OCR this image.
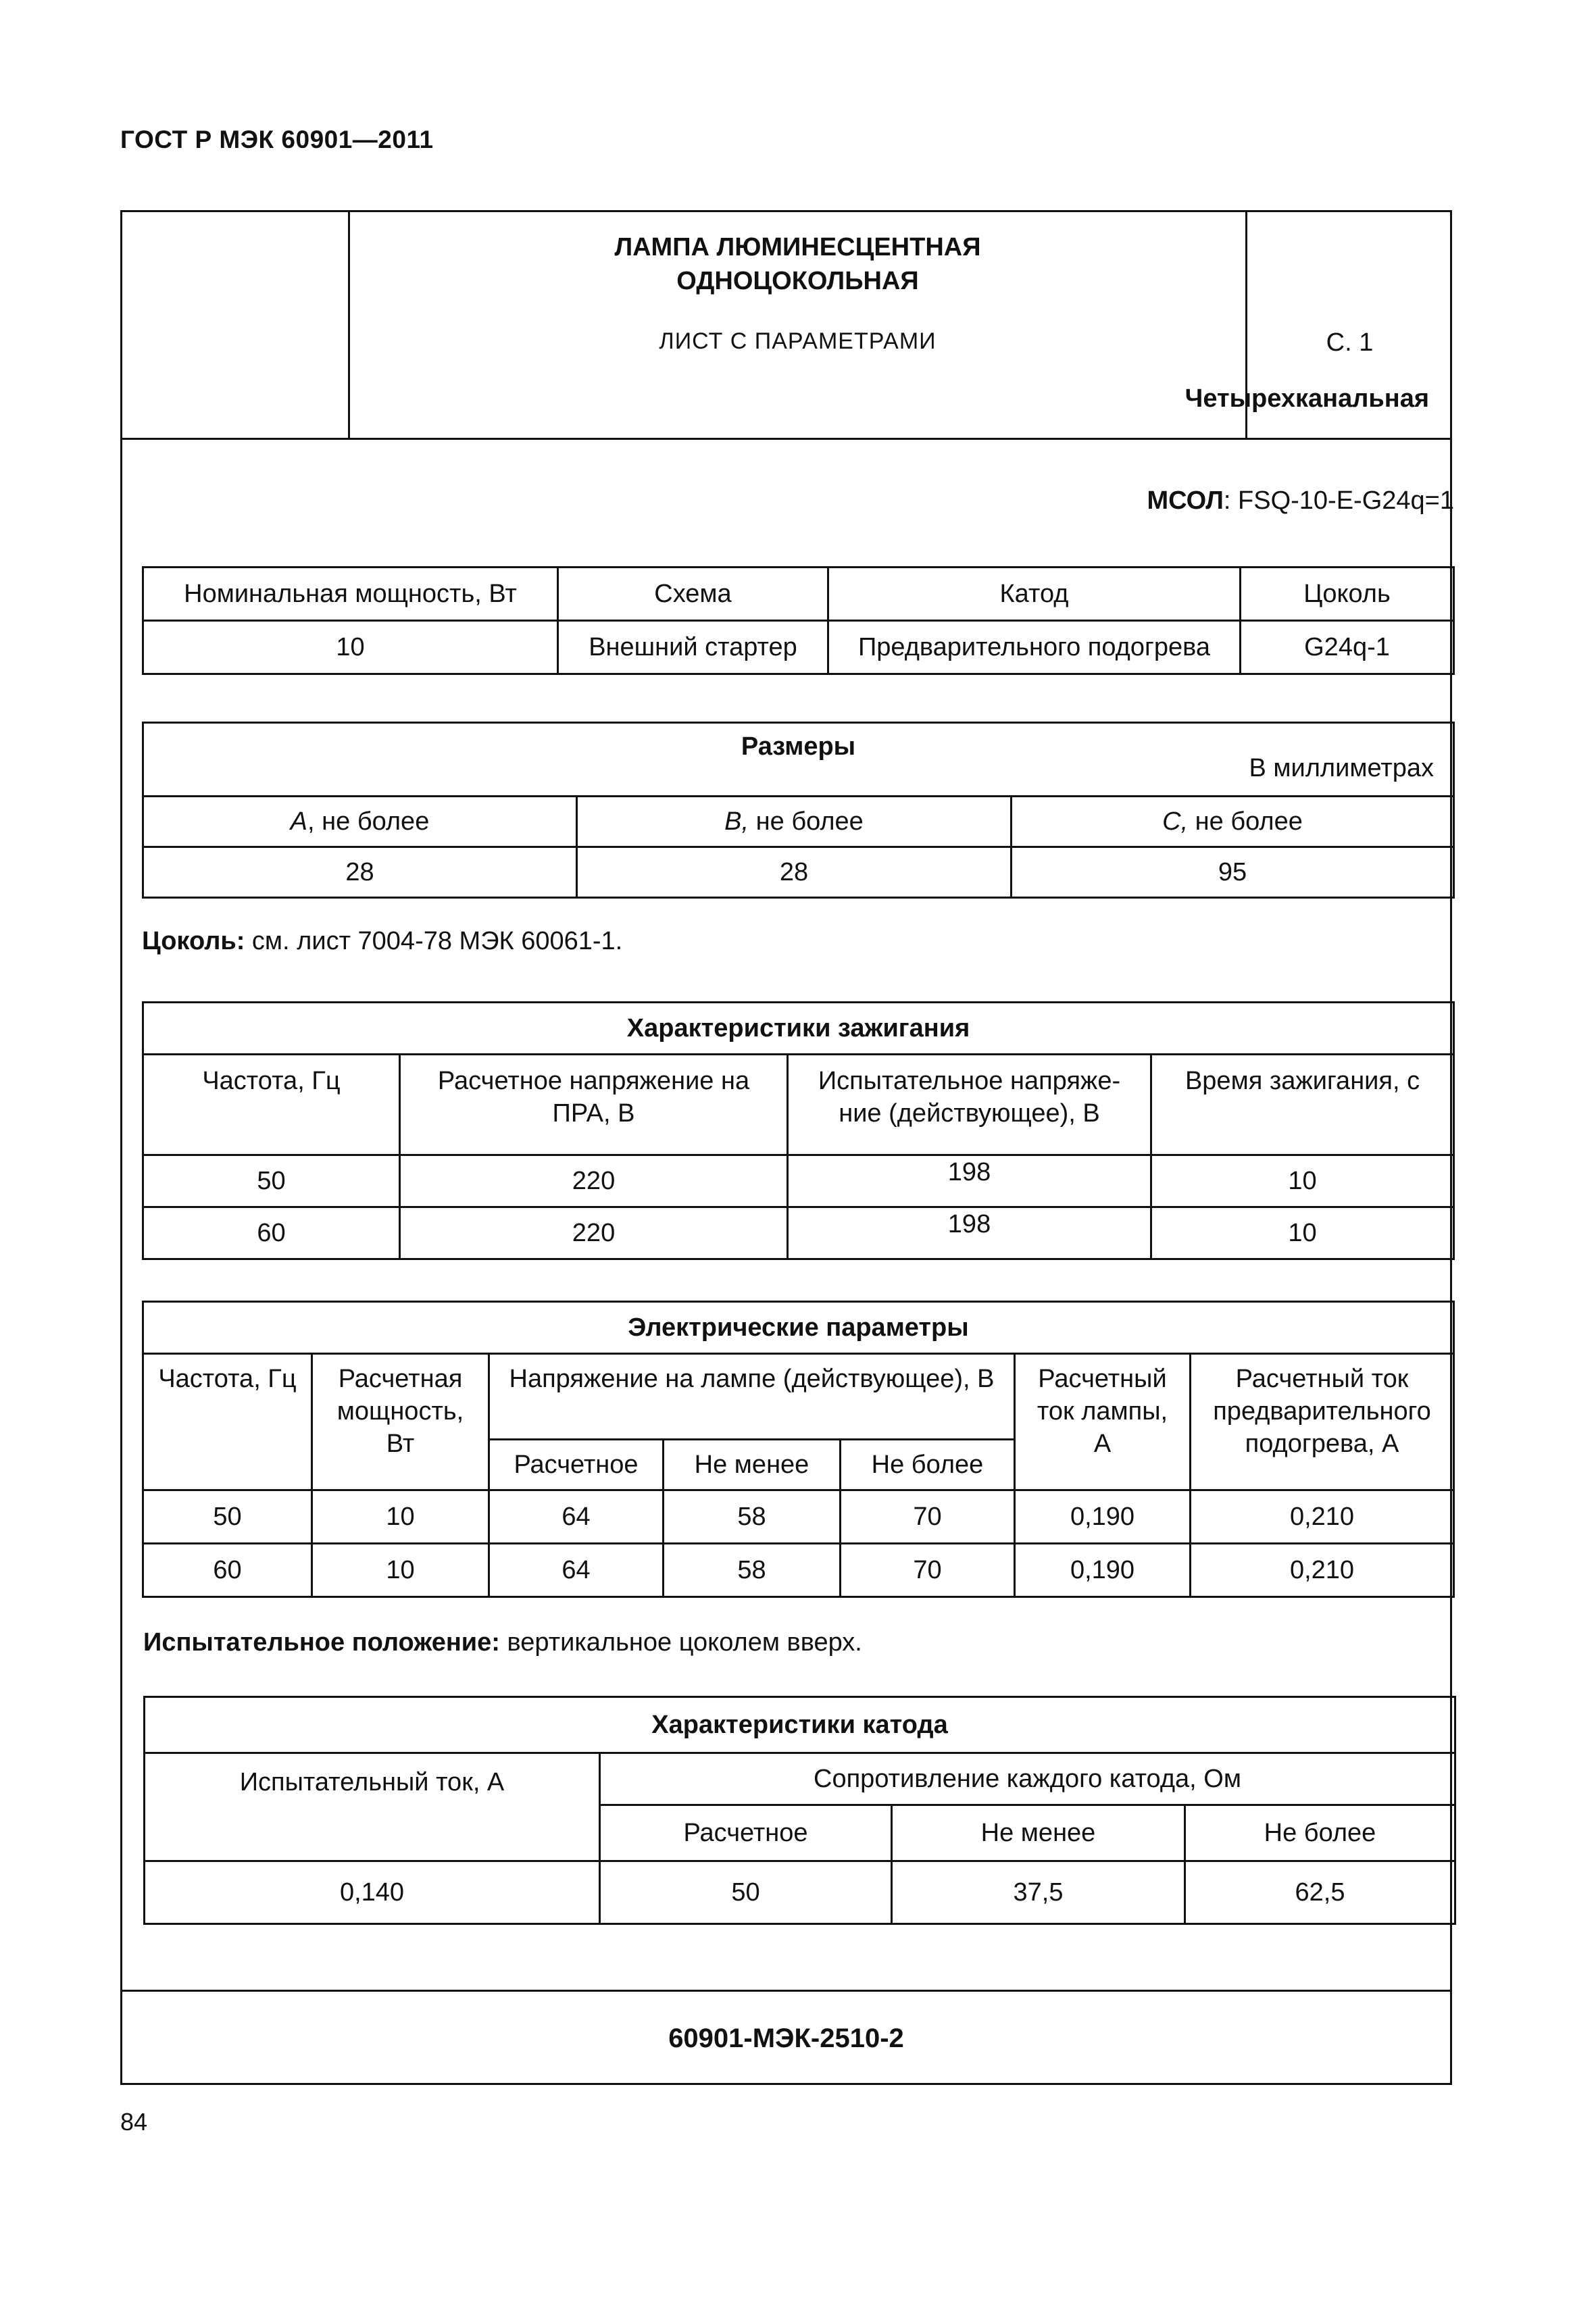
ГОСТ Р МЭК 60901—2011
ЛАМПА ЛЮМИНЕСЦЕНТНАЯ
ОДНОЦОКОЛЬНАЯ
ЛИСТ С ПАРАМЕТРАМИ
Четырехканальная
С. 1
МСОЛ: FSQ-10-E-G24q=1
Номинальная мощность, Вт	Схема	Катод	Цоколь
10	Внешний стартер	Предварительного подогрева	G24q-1
Размеры
В миллиметрах		

A, не более	B, не более	C, не более
28	28	95
Цоколь: см. лист 7004-78 МЭК 60061-1.
Характеристики зажигания			
Частота, Гц	Расчетное напряжение на ПРА, В	Испытательное напряже-ние (действующее), В	Время зажигания, с
50	220	198	10
60	220	198	10
Электрические параметры						
Частота, Гц	Расчетная мощность, Вт	Напряжение на лампе (действующее), В			Расчетный ток лампы, А	Расчетный ток предварительного подогрева, А
		Расчетное	Не менее	Не более		
50	10	64	58	70	0,190	0,210
60	10	64	58	70	0,190	0,210
Испытательное положение: вертикальное цоколем вверх.
Характеристики катода			
Испытательный ток, А	Сопротивление каждого катода, Ом		
	Расчетное	Не менее	Не более
0,140	50	37,5	62,5
60901-МЭК-2510-2
84
